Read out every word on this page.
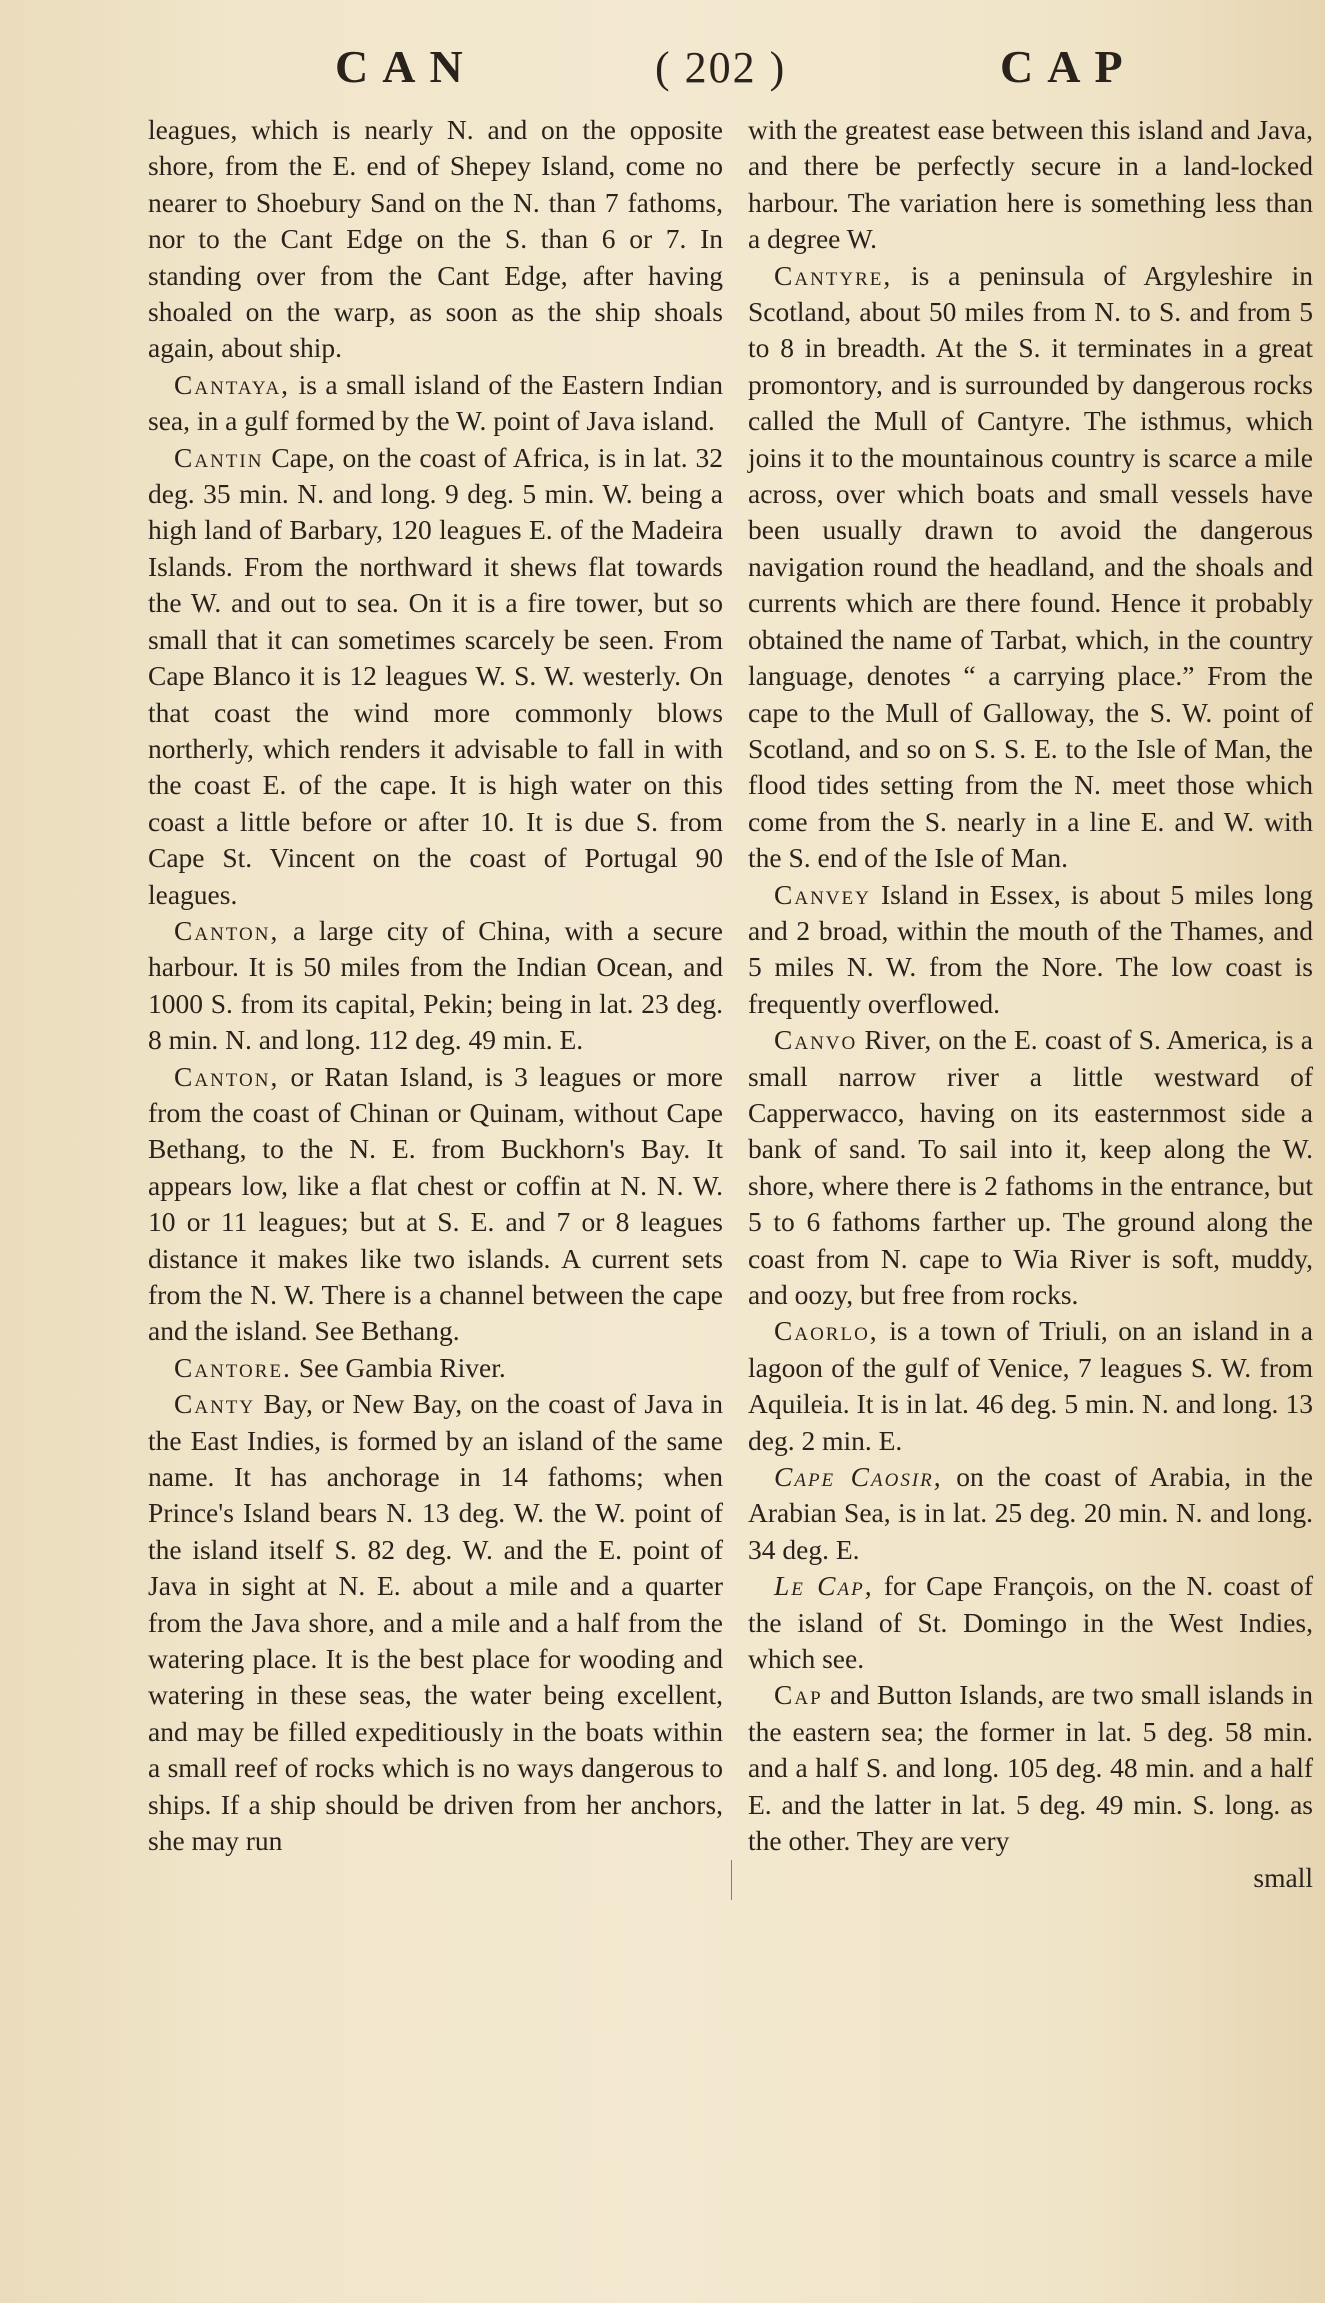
CAN	( 202 )	CAP

leagues, which is nearly N. and on the opposite shore, from the E. end of Shepey Island, come no nearer to Shoebury Sand on the N. than 7 fathoms, nor to the Cant Edge on the S. than 6 or 7. In standing over from the Cant Edge, after having shoaled on the warp, as soon as the ship shoals again, about ship.

Cantaya, is a small island of the Eastern Indian sea, in a gulf formed by the W. point of Java island.

Cantin Cape, on the coast of Africa, is in lat. 32 deg. 35 min. N. and long. 9 deg. 5 min. W. being a high land of Barbary, 120 leagues E. of the Madeira Islands. From the northward it shews flat towards the W. and out to sea. On it is a fire tower, but so small that it can sometimes scarcely be seen. From Cape Blanco it is 12 leagues W. S. W. westerly. On that coast the wind more commonly blows northerly, which renders it advisable to fall in with the coast E. of the cape. It is high water on this coast a little before or after 10. It is due S. from Cape St. Vincent on the coast of Portugal 90 leagues.

Canton, a large city of China, with a secure harbour. It is 50 miles from the Indian Ocean, and 1000 S. from its capital, Pekin; being in lat. 23 deg. 8 min. N. and long. 112 deg. 49 min. E.

Canton, or Ratan Island, is 3 leagues or more from the coast of Chinan or Quinam, without Cape Bethang, to the N. E. from Buckhorn's Bay. It appears low, like a flat chest or coffin at N. N. W. 10 or 11 leagues; but at S. E. and 7 or 8 leagues distance it makes like two islands. A current sets from the N. W. There is a channel between the cape and the island. See Bethang.

Cantore. See Gambia River.

Canty Bay, or New Bay, on the coast of Java in the East Indies, is formed by an island of the same name. It has anchorage in 14 fathoms; when Prince's Island bears N. 13 deg. W. the W. point of the island itself S. 82 deg. W. and the E. point of Java in sight at N. E. about a mile and a quarter from the Java shore, and a mile and a half from the watering place. It is the best place for wooding and watering in these seas, the water being excellent, and may be filled expeditiously in the boats within a small reef of rocks which is no ways dangerous to ships. If a ship should be driven from her anchors, she may run

with the greatest ease between this island and Java, and there be perfectly secure in a land-locked harbour. The variation here is something less than a degree W.

Cantyre, is a peninsula of Argyleshire in Scotland, about 50 miles from N. to S. and from 5 to 8 in breadth. At the S. it terminates in a great promontory, and is surrounded by dangerous rocks called the Mull of Cantyre. The isthmus, which joins it to the mountainous country is scarce a mile across, over which boats and small vessels have been usually drawn to avoid the dangerous navigation round the headland, and the shoals and currents which are there found. Hence it probably obtained the name of Tarbat, which, in the country language, denotes “ a carrying place.” From the cape to the Mull of Galloway, the S. W. point of Scotland, and so on S. S. E. to the Isle of Man, the flood tides setting from the N. meet those which come from the S. nearly in a line E. and W. with the S. end of the Isle of Man.

Canvey Island in Essex, is about 5 miles long and 2 broad, within the mouth of the Thames, and 5 miles N. W. from the Nore. The low coast is frequently overflowed.

Canvo River, on the E. coast of S. America, is a small narrow river a little westward of Capperwacco, having on its easternmost side a bank of sand. To sail into it, keep along the W. shore, where there is 2 fathoms in the entrance, but 5 to 6 fathoms farther up. The ground along the coast from N. cape to Wia River is soft, muddy, and oozy, but free from rocks.

Caorlo, is a town of Triuli, on an island in a lagoon of the gulf of Venice, 7 leagues S. W. from Aquileia. It is in lat. 46 deg. 5 min. N. and long. 13 deg. 2 min. E.

Cape Caosir, on the coast of Arabia, in the Arabian Sea, is in lat. 25 deg. 20 min. N. and long. 34 deg. E.

Le Cap, for Cape François, on the N. coast of the island of St. Domingo in the West Indies, which see.

Cap and Button Islands, are two small islands in the eastern sea; the former in lat. 5 deg. 58 min. and a half S. and long. 105 deg. 48 min. and a half E. and the latter in lat. 5 deg. 49 min. S. long. as the other. They are very

small
